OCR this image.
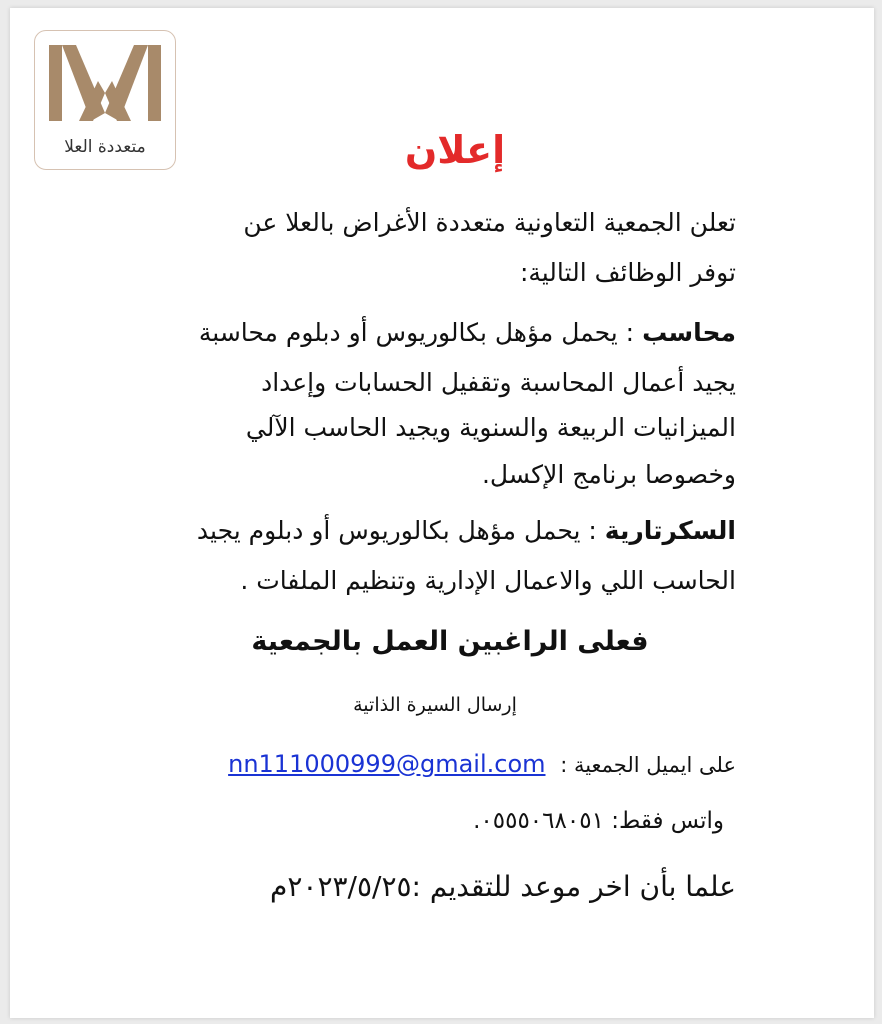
متعددة العلا	إعلان
تعلن الجمعية التعاونية متعددة الأغراض بالعلا عن
توفر الوظائف التالية:
محاسب : يحمل مؤهل بكالوريوس أو دبلوم محاسبة
يجيد أعمال المحاسبة وتقفيل الحسابات وإعداد
الميزانيات الربيعة والسنوية ويجيد الحاسب الآلي
وخصوصا برنامج الإكسل.
السكرتارية : يحمل مؤهل بكالوريوس أو دبلوم يجيد
الحاسب اللي والاعمال الإدارية وتنظيم الملفات .
فعلى الراغبين العمل بالجمعية
إرسال السيرة الذاتية
على ايميل الجمعية : nn111000999@gmail.com
واتس فقط: ٠٥٥٥٠٦٨٠٥١.
علما بأن اخر موعد للتقديم :٢٠٢٣/٥/٢٥م
